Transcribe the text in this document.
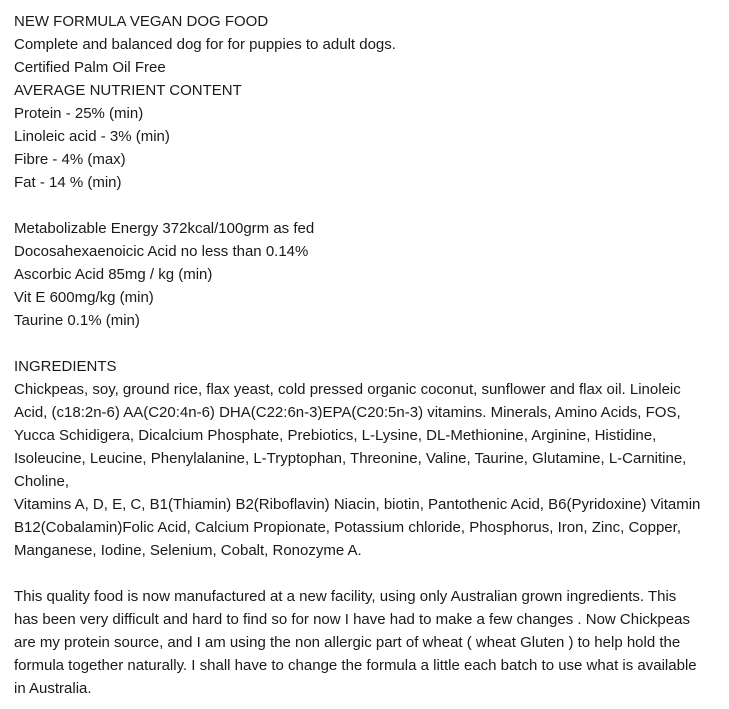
NEW FORMULA VEGAN DOG FOOD
Complete and balanced dog for for puppies to adult dogs.
Certified Palm Oil Free
AVERAGE NUTRIENT CONTENT
Protein - 25% (min)
Linoleic acid - 3% (min)
Fibre - 4% (max)
Fat - 14 % (min)
Metabolizable Energy 372kcal/100grm as fed
Docosahexaenoicic Acid no less than 0.14%
Ascorbic Acid 85mg / kg (min)
Vit E 600mg/kg (min)
Taurine 0.1% (min)
INGREDIENTS
Chickpeas, soy, ground rice, flax yeast, cold pressed organic coconut, sunflower and flax oil. Linoleic
Acid, (c18:2n-6) AA(C20:4n-6) DHA(C22:6n-3)EPA(C20:5n-3) vitamins. Minerals, Amino Acids, FOS,
Yucca Schidigera, Dicalcium Phosphate, Prebiotics, L-Lysine, DL-Methionine, Arginine, Histidine,
Isoleucine, Leucine, Phenylalanine, L-Tryptophan, Threonine, Valine, Taurine, Glutamine, L-Carnitine,
Choline,
Vitamins A, D, E, C, B1(Thiamin) B2(Riboflavin) Niacin, biotin, Pantothenic Acid, B6(Pyridoxine) Vitamin
B12(Cobalamin)Folic Acid, Calcium Propionate, Potassium chloride, Phosphorus, Iron, Zinc, Copper,
Manganese, Iodine, Selenium, Cobalt, Ronozyme A.
This quality food is now manufactured at a new facility, using only Australian grown ingredients. This
has been very difficult and hard to find so for now I have had to make a few changes . Now Chickpeas
are my protein source, and I am using the non allergic part of wheat ( wheat Gluten ) to help hold the
formula together naturally. I shall have to change the formula a little each batch to use what is available
in Australia.
